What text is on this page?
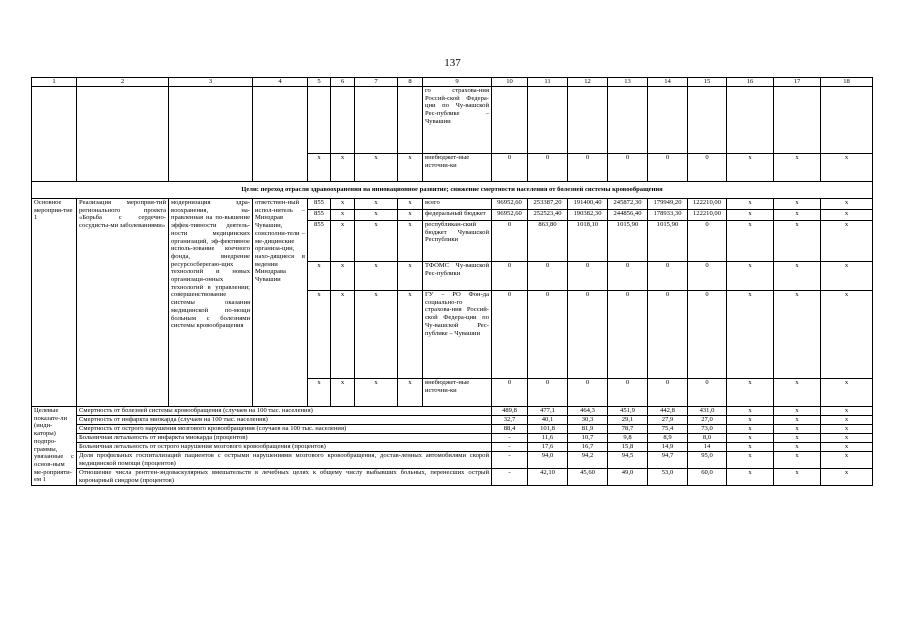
137
1	2	3	4	5	6	7	8	9	10	11	12	13	14	15	16	17	18
								го страхова-ния Россий-ской Федера-ции по Чу-вашской Рес-публике – Чувашии									
				x	x	x	x	внебюджет-ные источни-ки	0	0	0	0	0	0	x	x	x
Цели: переход отрасли здравоохранения на инновационное развитие; снижение смертности населения от болезней системы кровообращения																	
Основное мероприя-тие 1	Реализация мероприя-тий регионального проекта «Борьба с сердечно-сосудисты-ми заболеваниями»	модернизация здра-воохранения, на-правленная на по-вышение эффек-тивности деятель-ности медицинских организаций, эф-фективное исполь-зование коечного фонда, внедрение ресурсосберегаю-щих технологий и новых организаци-онных технологий в управлении; совершенствование системы оказания медицинской по-мощи больным с болезнями системы кровообращения	ответствен-ный испол-нитель – Минздрав Чувашии, соисполни-тели – ме-дицинские организа-ции, нахо-дящиеся в ведении Минздрава Чувашии	855	x	x	x	всего	96952,60	253387,20	191400,40	245872,30	179949,20	122210,00	x	x	x
				855	x	x	x	федеральный бюджет	96952,60	252523,40	190382,30	244856,40	178933,30	122210,00	x	x	x
				855	x	x	x	республикан-ский бюджет Чувашской Республики	0	863,80	1018,10	1015,90	1015,90	0	x	x	x
				x	x	x	x	ТФОМС Чу-вашской Рес-публики	0	0	0	0	0	0	x	x	x
				x	x	x	x	ГУ – РО Фон-да социально-го страхова-ния Россий-ской Федера-ции по Чу-вашской Рес-публике – Чувашии	0	0	0	0	0	0	x	x	x
				x	x	x	x	внебюджет-ные источни-ки	0	0	0	0	0	0	x	x	x
Целевые показате-ли (инди-каторы) подпро-граммы, увязанные с основ-ным ме-роприяти-ем 1	Смертность от болезней системы кровообращения (случаев на 100 тыс. населения)								489,8	477,1	464,3	451,9	442,8	431,0	x	x	x
	Смертность от инфаркта миокарда (случаев на 100 тыс. населения)								32,7	40,1	30,3	29,1	27,9	27,0	x	x	x
	Смертность от острого нарушения мозгового кровообращения (случаев на 100 тыс. населения)								88,4	101,8	81,9	78,7	75,4	73,0	x	x	x
	Больничная летальность от инфаркта миокарда (процентов)								-	11,6	10,7	9,8	8,9	8,0	x	x	x
	Больничная летальность от острого нарушения мозгового кровообращения (процентов)								-	17,6	16,7	15,8	14,9	14	x	x	x
	Доля профильных госпитализаций пациентов с острыми нарушениями мозгового кровообращения, достав-ленных автомобилями скорой медицинской помощи (процентов)								-	94,0	94,2	94,5	94,7	95,0	x	x	x
	Отношение числа рентген-эндоваскулярных вмешательств в лечебных целях к общему числу выбывших больных, перенесших острый коронарный синдром (процентов)								-	42,10	45,60	49,0	53,0	60,0	x	x	x
